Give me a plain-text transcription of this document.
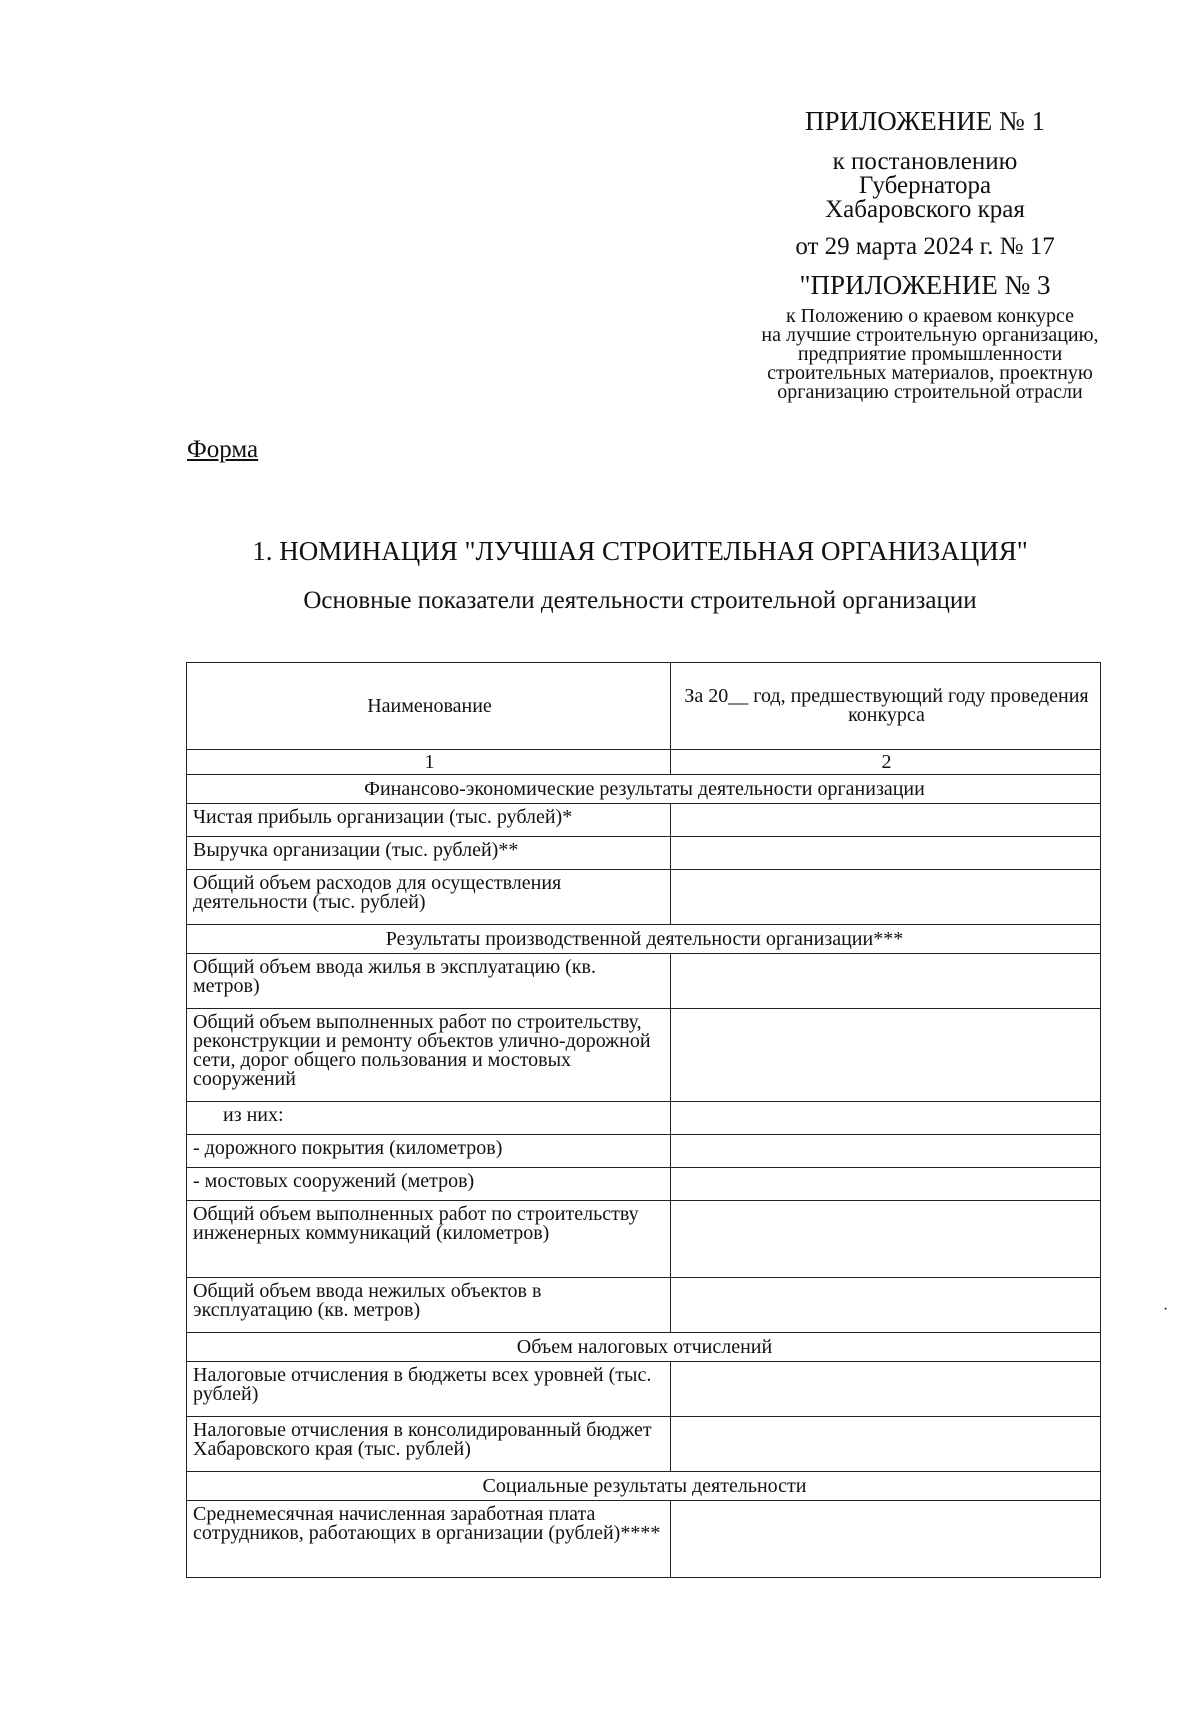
ПРИЛОЖЕНИЕ № 1
к постановлению
Губернатора
Хабаровского края
от 29 марта 2024 г. № 17
"ПРИЛОЖЕНИЕ № 3
к Положению о краевом конкурсе
на лучшие строительную организацию,
предприятие промышленности
строительных материалов, проектную
организацию строительной отрасли
Форма
1. НОМИНАЦИЯ "ЛУЧШАЯ СТРОИТЕЛЬНАЯ ОРГАНИЗАЦИЯ"
Основные показатели деятельности строительной организации
Наименование	За 20__ год, предшествующий году проведения конкурса
1	2
Финансово-экономические результаты деятельности организации	
Чистая прибыль организации (тыс. рублей)*	
Выручка организации (тыс. рублей)**	
Общий объем расходов для осуществления деятельности (тыс. рублей)	
Результаты производственной деятельности организации***	
Общий объем ввода жилья в эксплуатацию (кв. метров)	
Общий объем выполненных работ по строительству, реконструкции и ремонту объектов улично-дорожной сети, дорог общего пользования и мостовых сооружений	
из них:	
- дорожного покрытия (километров)	
- мостовых сооружений (метров)	
Общий объем выполненных работ по строительству инженерных коммуникаций (километров)	
Общий объем ввода нежилых объектов в эксплуатацию (кв. метров)	
Объем налоговых отчислений	
Налоговые отчисления в бюджеты всех уровней (тыс. рублей)	
Налоговые отчисления в консолидированный бюджет Хабаровского края (тыс. рублей)	
Социальные результаты деятельности	
Среднемесячная начисленная заработная плата сотрудников, работающих в организации (рублей)****	
·
